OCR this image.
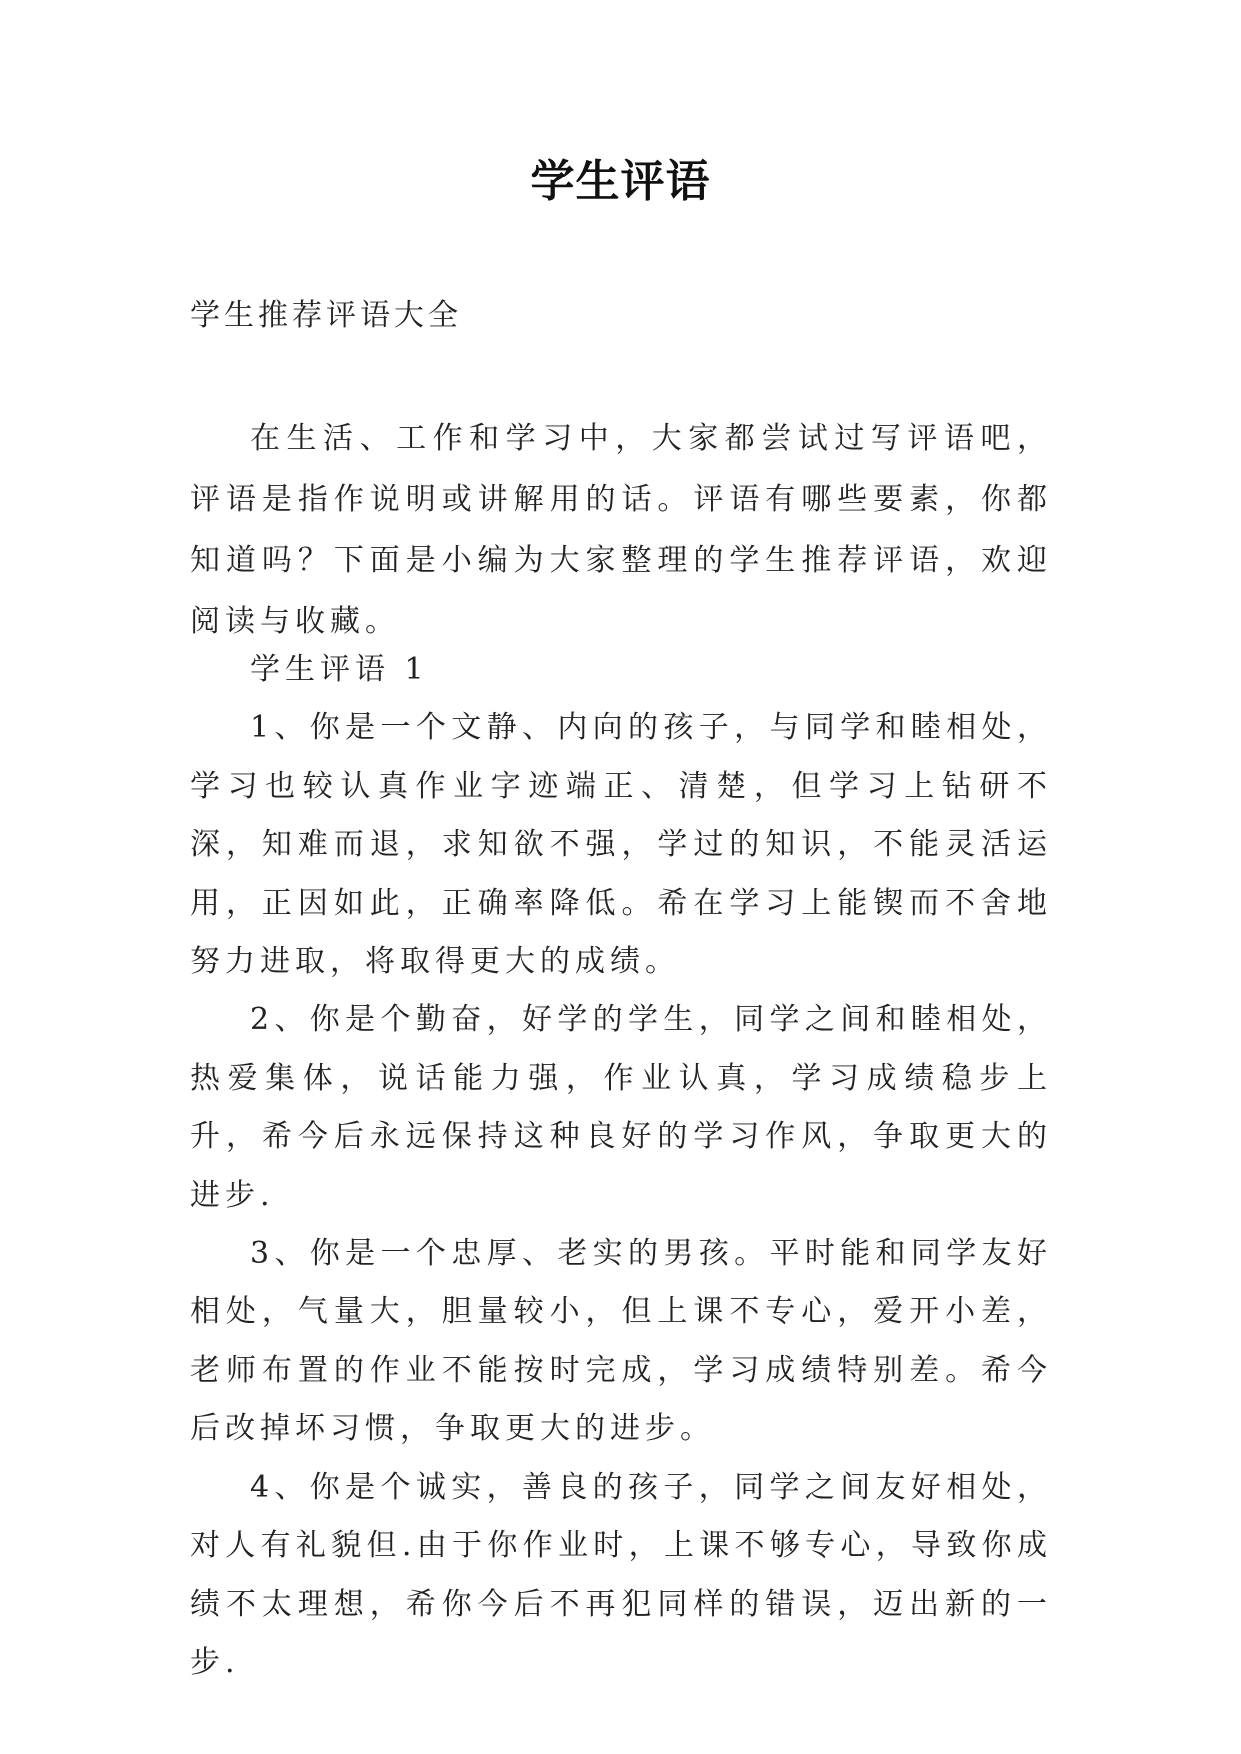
学生评语
学生推荐评语大全

在生活、工作和学习中，大家都尝试过写评语吧，评语是指作说明或讲解用的话。评语有哪些要素，你都知道吗？下面是小编为大家整理的学生推荐评语，欢迎阅读与收藏。

学生评语 1

1、你是一个文静、内向的孩子，与同学和睦相处，学习也较认真作业字迹端正、清楚，但学习上钻研不深，知难而退，求知欲不强，学过的知识，不能灵活运用，正因如此，正确率降低。希在学习上能锲而不舍地努力进取，将取得更大的成绩。

2、你是个勤奋，好学的学生，同学之间和睦相处，热爱集体，说话能力强，作业认真，学习成绩稳步上升，希今后永远保持这种良好的学习作风，争取更大的进步.

3、你是一个忠厚、老实的男孩。平时能和同学友好相处，气量大，胆量较小，但上课不专心，爱开小差，老师布置的作业不能按时完成，学习成绩特别差。希今后改掉坏习惯，争取更大的进步。

4、你是个诚实，善良的孩子，同学之间友好相处，对人有礼貌但.由于你作业时，上课不够专心，导致你成绩不太理想，希你今后不再犯同样的错误，迈出新的一步.
